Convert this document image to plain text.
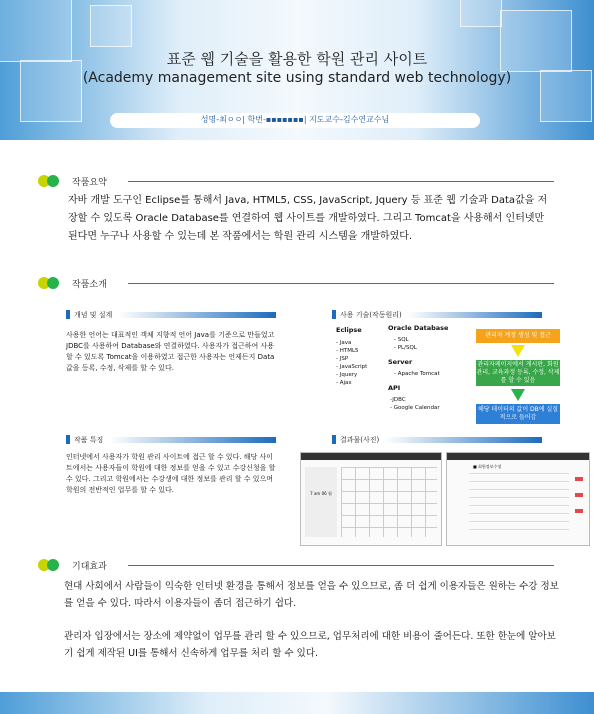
표준 웹 기술을 활용한 학원 관리 사이트
(Academy management site using standard web technology)
성명-최ㅇㅇ| 학번-▪▪▪▪▪▪▪| 지도교수-김수연교수님
작품요약
자바 개발 도구인 Eclipse를 통해서 Java, HTML5, CSS, JavaScript, Jquery 등 표준 웹 기술과 Data값을 저장할 수 있도록 Oracle Database를 연결하여 웹 사이트를 개발하였다. 그리고 Tomcat을 사용해서 인터넷만 된다면 누구나 사용할 수 있는데 본 작품에서는 학원 관리 시스템을 개발하였다.
작품소개
개념 및 설계
사용한 언어는 대표적인 객체 지향적 언어 Java를 기준으로 만들었고 JDBC를 사용하여 Database와 연결하였다. 사용자가 접근하여 사용할 수 있도록 Tomcat을 이용하였고 접근한 사용자는 언제든지 Data값을 등록, 수정, 삭제를 할 수 있다.
사용 기술(작동원리)
Eclipse
- Java
- HTML5
- JSP
- JavaScript
- Jquery
- Ajax
Oracle Database
- SQL
- PL/SQL
Server
- Apache Tomcat
API
-JDBC
- Google Calendar
관리자 계정 생성 및 접근
관리자페이지에서 게시판, 회원관리, 교육과정 등록, 수정, 삭제를 할 수 있음
해당 데이터의 값이 DB에 실질적으로 들어감
작품 특징
인터넷에서 사용자가 학원 관리 사이트에 접근 할 수 있다. 해당 사이트에서는 사용자들이 학원에 대한 정보를 얻을 수 있고 수강신청을 할 수 있다. 그리고 학원에서는 수강생에 대한 정보를 관리 할 수 있으며 학원의 전반적인 업무를 할 수 있다.
결과물(사진)
7 am 06 월
■ 회원정보수정
기대효과
현대 사회에서 사람들이 익숙한 인터넷 환경을 통해서 정보를 얻을 수 있으므로, 좀 더 쉽게 이용자들은 원하는 수강 정보를 얻을 수 있다. 따라서 이용자들이 좀더 접근하기 쉽다.
관리자 입장에서는 장소에 제약없이 업무를 관리 할 수 있으므로, 업무처리에 대한 비용이 줄어든다. 또한 한눈에 알아보기 쉽게 제작된 UI를 통해서 신속하게 업무를 처리 할 수 있다.
